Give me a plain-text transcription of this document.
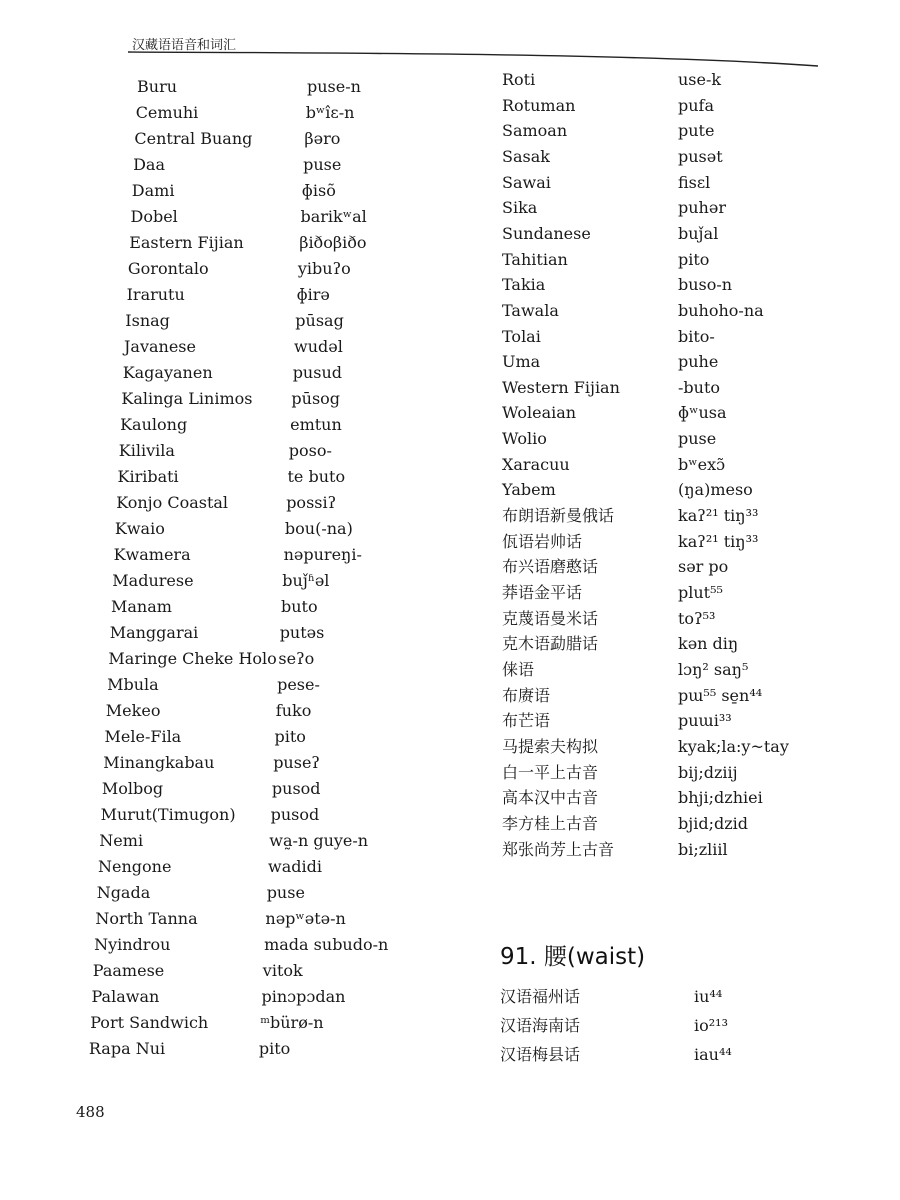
汉藏语语音和词汇
Buru	puse-n
Cemuhi	bʷîɛ-n
Central Buang	βəro
Daa	puse
Dami	ɸisõ
Dobel	barikʷal
Eastern Fijian	βiðoβiðo
Gorontalo	yibuʔo
Irarutu	ɸirə
Isnag	pūsag
Javanese	wudəl
Kagayanen	pusud
Kalinga Linimos pūsog
Kaulong	emtun
Kilivila	poso-
Kiribati	te buto
Konjo Coastal	possiʔ
Kwaio	bou(-na)
Kwamera	nəpureŋi-
Madurese	buǰʱəl
Manam	buto
Manggarai	putəs
Maringe Cheke Holo seʔo
Mbula	pese-
Mekeo	fuko
Mele-Fila	pito
Minangkabau	puseʔ
Molbog	pusod
Murut(Timugon) pusod
Nemi	wa̰-n guye-n
Nengone	wadidi
Ngada	puse
North Tanna	nəpʷətə-n
Nyindrou	mada subudo-n
Paamese	vitok
Palawan	pinɔpɔdan
Port Sandwich	ᵐbürø-n
Rapa Nui	pito
Roti	use-k
Rotuman	pufa
Samoan	pute
Sasak	pusət
Sawai	fisɛl
Sika	puhər
Sundanese	buǰal
Tahitian	pito
Takia	buso-n
Tawala	buhoho-na
Tolai	bito-
Uma	puhe
Western Fijian	-buto
Woleaian	ɸʷusa
Wolio	puse
Xaracuu	bʷexɔ̃
Yabem	(ŋa)meso
布朗语新曼俄话	kaʔ²¹ tiŋ³³
佤语岩帅话	kaʔ²¹ tiŋ³³
布兴语磨憨话	sər po
莽语金平话	plut⁵⁵
克蔑语曼米话	toʔ⁵³
克木语勐腊话	kən diŋ
俫语	lɔŋ² saŋ⁵
布赓语	pɯ⁵⁵ se̱n⁴⁴
布芒语	puɯi³³
马提索夫构拟	kyak;la:y~tay
白一平上古音	bij;dziij
高本汉中古音	bhji;dzhiei
李方桂上古音	bjid;dzid
郑张尚芳上古音	bi;zliil
91. 腰(waist)
汉语福州话	iu⁴⁴
汉语海南话	io²¹³
汉语梅县话	iau⁴⁴
488
